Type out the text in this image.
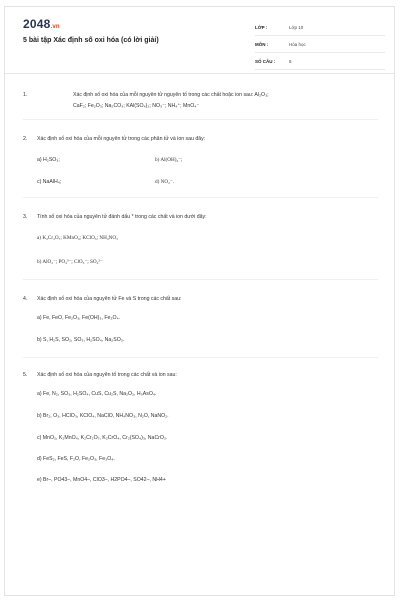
2048.vn
5 bài tập Xác định số oxi hóa (có lời giải)
LỚP :	Lớp 10
MÔN :	Hóa học
SỐ CÂU :	5
1.	Xác định số oxi hóa của mỗi nguyên tử nguyên tố trong các chất hoặc ion sau: Al₂O₃;
CaF₂; Fe₂O₃; Na₂CO₃; KAl(SO₄)₂; NO₃⁻; NH₄⁺; MnO₄⁻
2. Xác định số oxi hóa của mỗi nguyên tử trong các phân tử và ion sau đây:
a) H₂SO₃;	b) Al(OH)₄⁻;
c) NaAlH₄;	d) NO₂⁻.
3. Tính số oxi hóa của nguyên tử đánh dấu * trong các chất và ion dưới đây:
a) K₂Cr₂O₇; KMnO₄; KClO₃; NH₄NO₃
b) AlO₂⁻; PO₄³⁻; ClO₃⁻; SO₄²⁻
4. Xác định số oxi hóa của nguyên tử Fe và S trong các chất sau:
a) Fe, FeO, Fe₂O₃, Fe(OH)₃, Fe₃O₄.
b) S, H₂S, SO₂, SO₃, H₂SO₄, Na₂SO₃.
5. Xác định số oxi hóa của nguyên tố trong các chất và ion sau:
a) Fe, N₂, SO₃, H₂SO₄, CuS, Cu₂S, Na₂O₂, H₃AsO₄.
b) Br₂, O₃, HClO₃, KClO₄, NaClO, NH₄NO₃, N₂O, NaNO₂.
c) MnO₂, K₂MnO₄, K₂Cr₂O₇, K₂CrO₄, Cr₂(SO₄)₃, NaCrO₂.
d) FeS₂, FeS, F₂O, Fe₂O₃, Fe₃O₄.
e) Br–, PO43–, MnO4–, ClO3–, H2PO4–, SO42–, NH4+
